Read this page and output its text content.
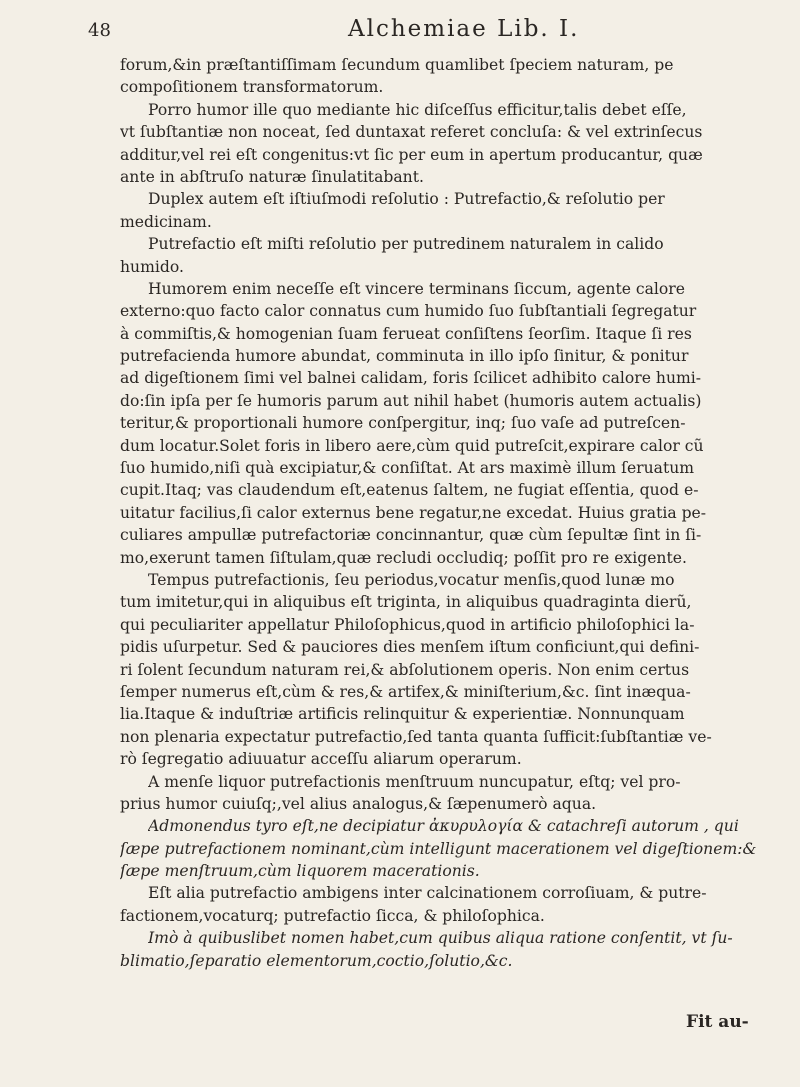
48	Alchemiae Lib. I.
forum,&in præſtantiſſimam ſecundum quamlibet ſpeciem naturam, pe
compoſitionem transformatorum.
Porro humor ille quo mediante hic diſceſſus efficitur,talis debet eſſe,
vt ſubſtantiæ non noceat, ſed duntaxat referet concluſa: & vel extrinſecus
additur,vel rei eſt congenitus:vt ſic per eum in apertum producantur, quæ
ante in abſtruſo naturæ ſinulatitabant.
Duplex autem eſt iſtiuſmodi reſolutio : Putrefactio,& reſolutio per
medicinam.
Putrefactio eſt miſti reſolutio per putredinem naturalem in calido
humido.
Humorem enim neceſſe eſt vincere terminans ſiccum, agente calore
externo:quo facto calor connatus cum humido ſuo ſubſtantiali ſegregatur
à commiſtis,& homogenian ſuam ferueat conſiſtens ſeorſim. Itaque ſi res
putrefacienda humore abundat, comminuta in illo ipſo ſinitur, & ponitur
ad digeſtionem ſimi vel balnei calidam, foris ſcilicet adhibito calore humi-
do:ſin ipſa per ſe humoris parum aut nihil habet (humoris autem actualis)
teritur,& proportionali humore conſpergitur, inq; ſuo vaſe ad putreſcen-
dum locatur.Solet foris in libero aere,cùm quid putreſcit,expirare calor cũ
ſuo humido,niſi quà excipiatur,& conſiſtat. At ars maximè illum ſeruatum
cupit.Itaq; vas claudendum eſt,eatenus ſaltem, ne fugiat eſſentia, quod e-
uitatur facilius,ſi calor externus bene regatur,ne excedat. Huius gratia pe-
culiares ampullæ putrefactoriæ concinnantur, quæ cùm ſepultæ ſint in ſi-
mo,exerunt tamen ſiſtulam,quæ recludi occludiq; poſſit pro re exigente.
Tempus putrefactionis, ſeu periodus,vocatur menſis,quod lunæ mo
tum imitetur,qui in aliquibus eſt triginta, in aliquibus quadraginta dierũ,
qui peculiariter appellatur Philoſophicus,quod in artificio philoſophici la-
pidis uſurpetur. Sed & pauciores dies menſem iſtum conficiunt,qui defini-
ri ſolent ſecundum naturam rei,& abſolutionem operis. Non enim certus
ſemper numerus eſt,cùm & res,& artifex,& miniſterium,&c. ſint inæqua-
lia.Itaque & induſtriæ artificis relinquitur & experientiæ. Nonnunquam
non plenaria expectatur putrefactio,ſed tanta quanta ſufficit:ſubſtantiæ ve-
rò ſegregatio adiuuatur acceſſu aliarum operarum.
A menſe liquor putrefactionis menſtruum nuncupatur, eſtq; vel pro-
prius humor cuiuſq;,vel alius analogus,& ſæpenumerò aqua.
Admonendus tyro eſt,ne decipiatur ἀκυρυλογία & catachreſi autorum , qui
ſæpe putrefactionem nominant,cùm intelligunt macerationem vel digeſtionem:&
ſæpe menſtruum,cùm liquorem macerationis.
Eſt alia putrefactio ambigens inter calcinationem corroſiuam, & putre-
factionem,vocaturq; putrefactio ſicca, & philoſophica.
Imò à quibuslibet nomen habet,cum quibus aliqua ratione conſentit, vt ſu-
blimatio,ſeparatio elementorum,coctio,ſolutio,&c.
Fit au-
